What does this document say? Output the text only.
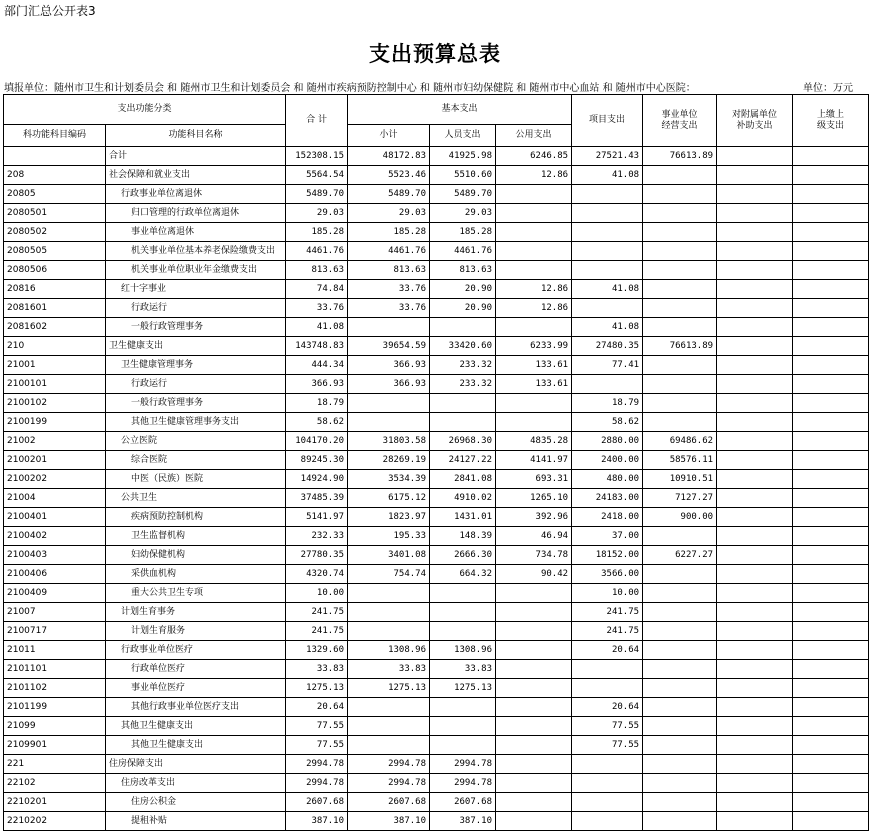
部门汇总公开表3
支出预算总表
填报单位：随州市卫生和计划委员会 和 随州市卫生和计划委员会 和 随州市疾病预防控制中心 和 随州市妇幼保健院 和 随州市中心血站 和 随州市中心医院：	单位：万元
支出功能分类		合 计	基本支出			项目支出	事业单位
经营支出	对附属单位
补助支出	上缴上
级支出
科功能科目编码	功能科目名称		小计	人员支出	公用支出				
	合计	152308.15	48172.83	41925.98	6246.85	27521.43	76613.89		
208	社会保障和就业支出	5564.54	5523.46	5510.60	12.86	41.08			
20805	行政事业单位离退休	5489.70	5489.70	5489.70					
2080501	归口管理的行政单位离退休	29.03	29.03	29.03					
2080502	事业单位离退休	185.28	185.28	185.28					
2080505	机关事业单位基本养老保险缴费支出	4461.76	4461.76	4461.76					
2080506	机关事业单位职业年金缴费支出	813.63	813.63	813.63					
20816	红十字事业	74.84	33.76	20.90	12.86	41.08			
2081601	行政运行	33.76	33.76	20.90	12.86				
2081602	一般行政管理事务	41.08				41.08			
210	卫生健康支出	143748.83	39654.59	33420.60	6233.99	27480.35	76613.89		
21001	卫生健康管理事务	444.34	366.93	233.32	133.61	77.41			
2100101	行政运行	366.93	366.93	233.32	133.61				
2100102	一般行政管理事务	18.79				18.79			
2100199	其他卫生健康管理事务支出	58.62				58.62			
21002	公立医院	104170.20	31803.58	26968.30	4835.28	2880.00	69486.62		
2100201	综合医院	89245.30	28269.19	24127.22	4141.97	2400.00	58576.11		
2100202	中医（民族）医院	14924.90	3534.39	2841.08	693.31	480.00	10910.51		
21004	公共卫生	37485.39	6175.12	4910.02	1265.10	24183.00	7127.27		
2100401	疾病预防控制机构	5141.97	1823.97	1431.01	392.96	2418.00	900.00		
2100402	卫生监督机构	232.33	195.33	148.39	46.94	37.00			
2100403	妇幼保健机构	27780.35	3401.08	2666.30	734.78	18152.00	6227.27		
2100406	采供血机构	4320.74	754.74	664.32	90.42	3566.00			
2100409	重大公共卫生专项	10.00				10.00			
21007	计划生育事务	241.75				241.75			
2100717	计划生育服务	241.75				241.75			
21011	行政事业单位医疗	1329.60	1308.96	1308.96		20.64			
2101101	行政单位医疗	33.83	33.83	33.83					
2101102	事业单位医疗	1275.13	1275.13	1275.13					
2101199	其他行政事业单位医疗支出	20.64				20.64			
21099	其他卫生健康支出	77.55				77.55			
2109901	其他卫生健康支出	77.55				77.55			
221	住房保障支出	2994.78	2994.78	2994.78					
22102	住房改革支出	2994.78	2994.78	2994.78					
2210201	住房公积金	2607.68	2607.68	2607.68					
2210202	提租补贴	387.10	387.10	387.10					
